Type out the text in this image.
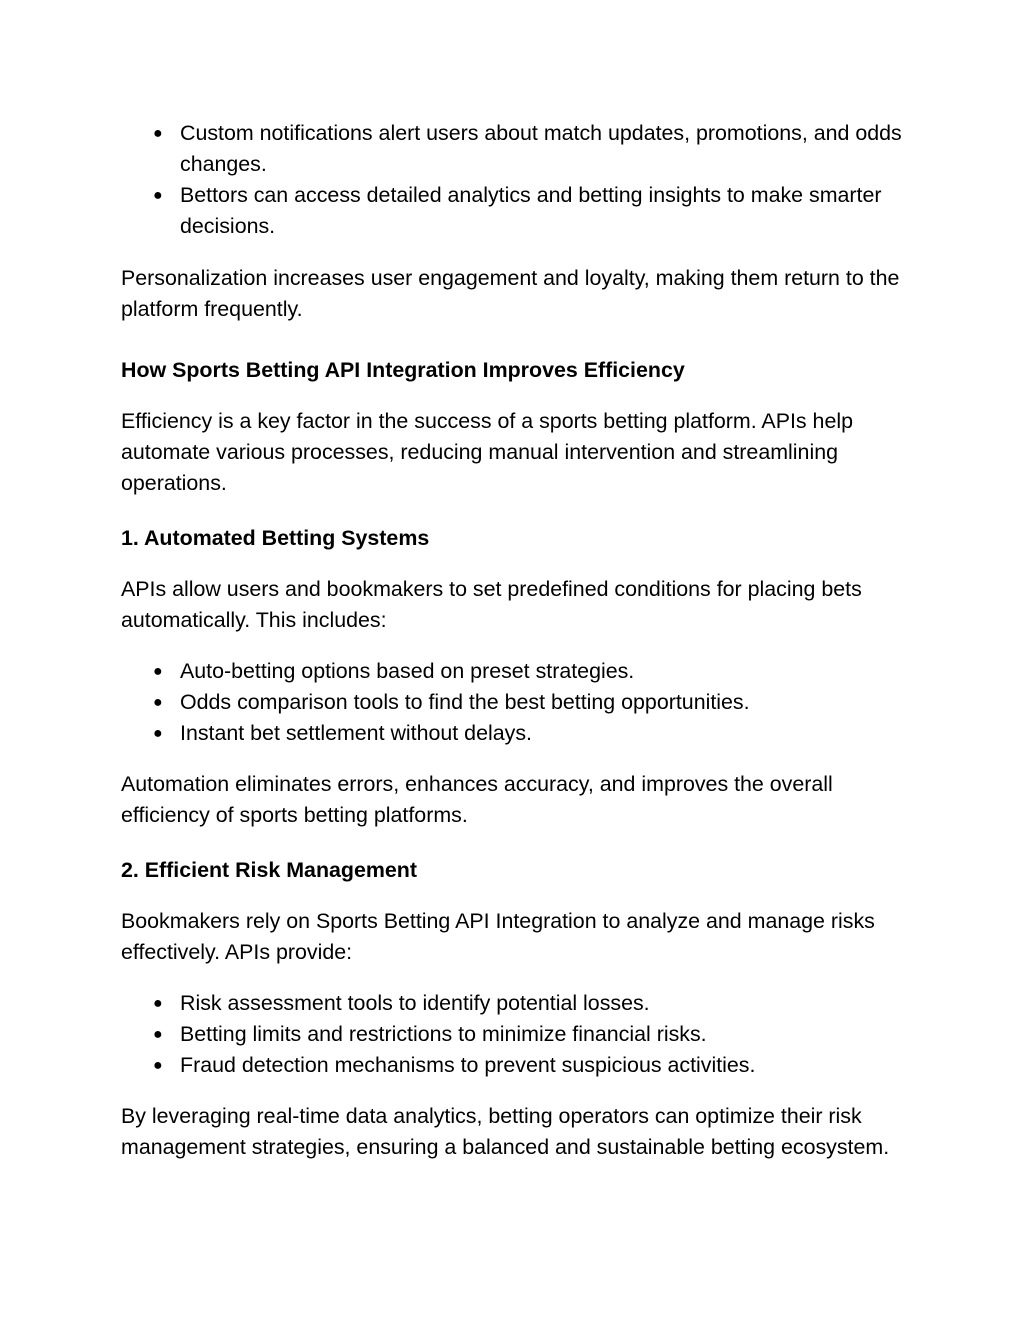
● Custom notifications alert users about match updates, promotions, and odds changes.
● Bettors can access detailed analytics and betting insights to make smarter decisions.

Personalization increases user engagement and loyalty, making them return to the platform frequently.

How Sports Betting API Integration Improves Efficiency

Efficiency is a key factor in the success of a sports betting platform. APIs help automate various processes, reducing manual intervention and streamlining operations.

1. Automated Betting Systems

APIs allow users and bookmakers to set predefined conditions for placing bets automatically. This includes:

● Auto-betting options based on preset strategies.
● Odds comparison tools to find the best betting opportunities.
● Instant bet settlement without delays.

Automation eliminates errors, enhances accuracy, and improves the overall efficiency of sports betting platforms.

2. Efficient Risk Management

Bookmakers rely on Sports Betting API Integration to analyze and manage risks effectively. APIs provide:

● Risk assessment tools to identify potential losses.
● Betting limits and restrictions to minimize financial risks.
● Fraud detection mechanisms to prevent suspicious activities.

By leveraging real-time data analytics, betting operators can optimize their risk management strategies, ensuring a balanced and sustainable betting ecosystem.
